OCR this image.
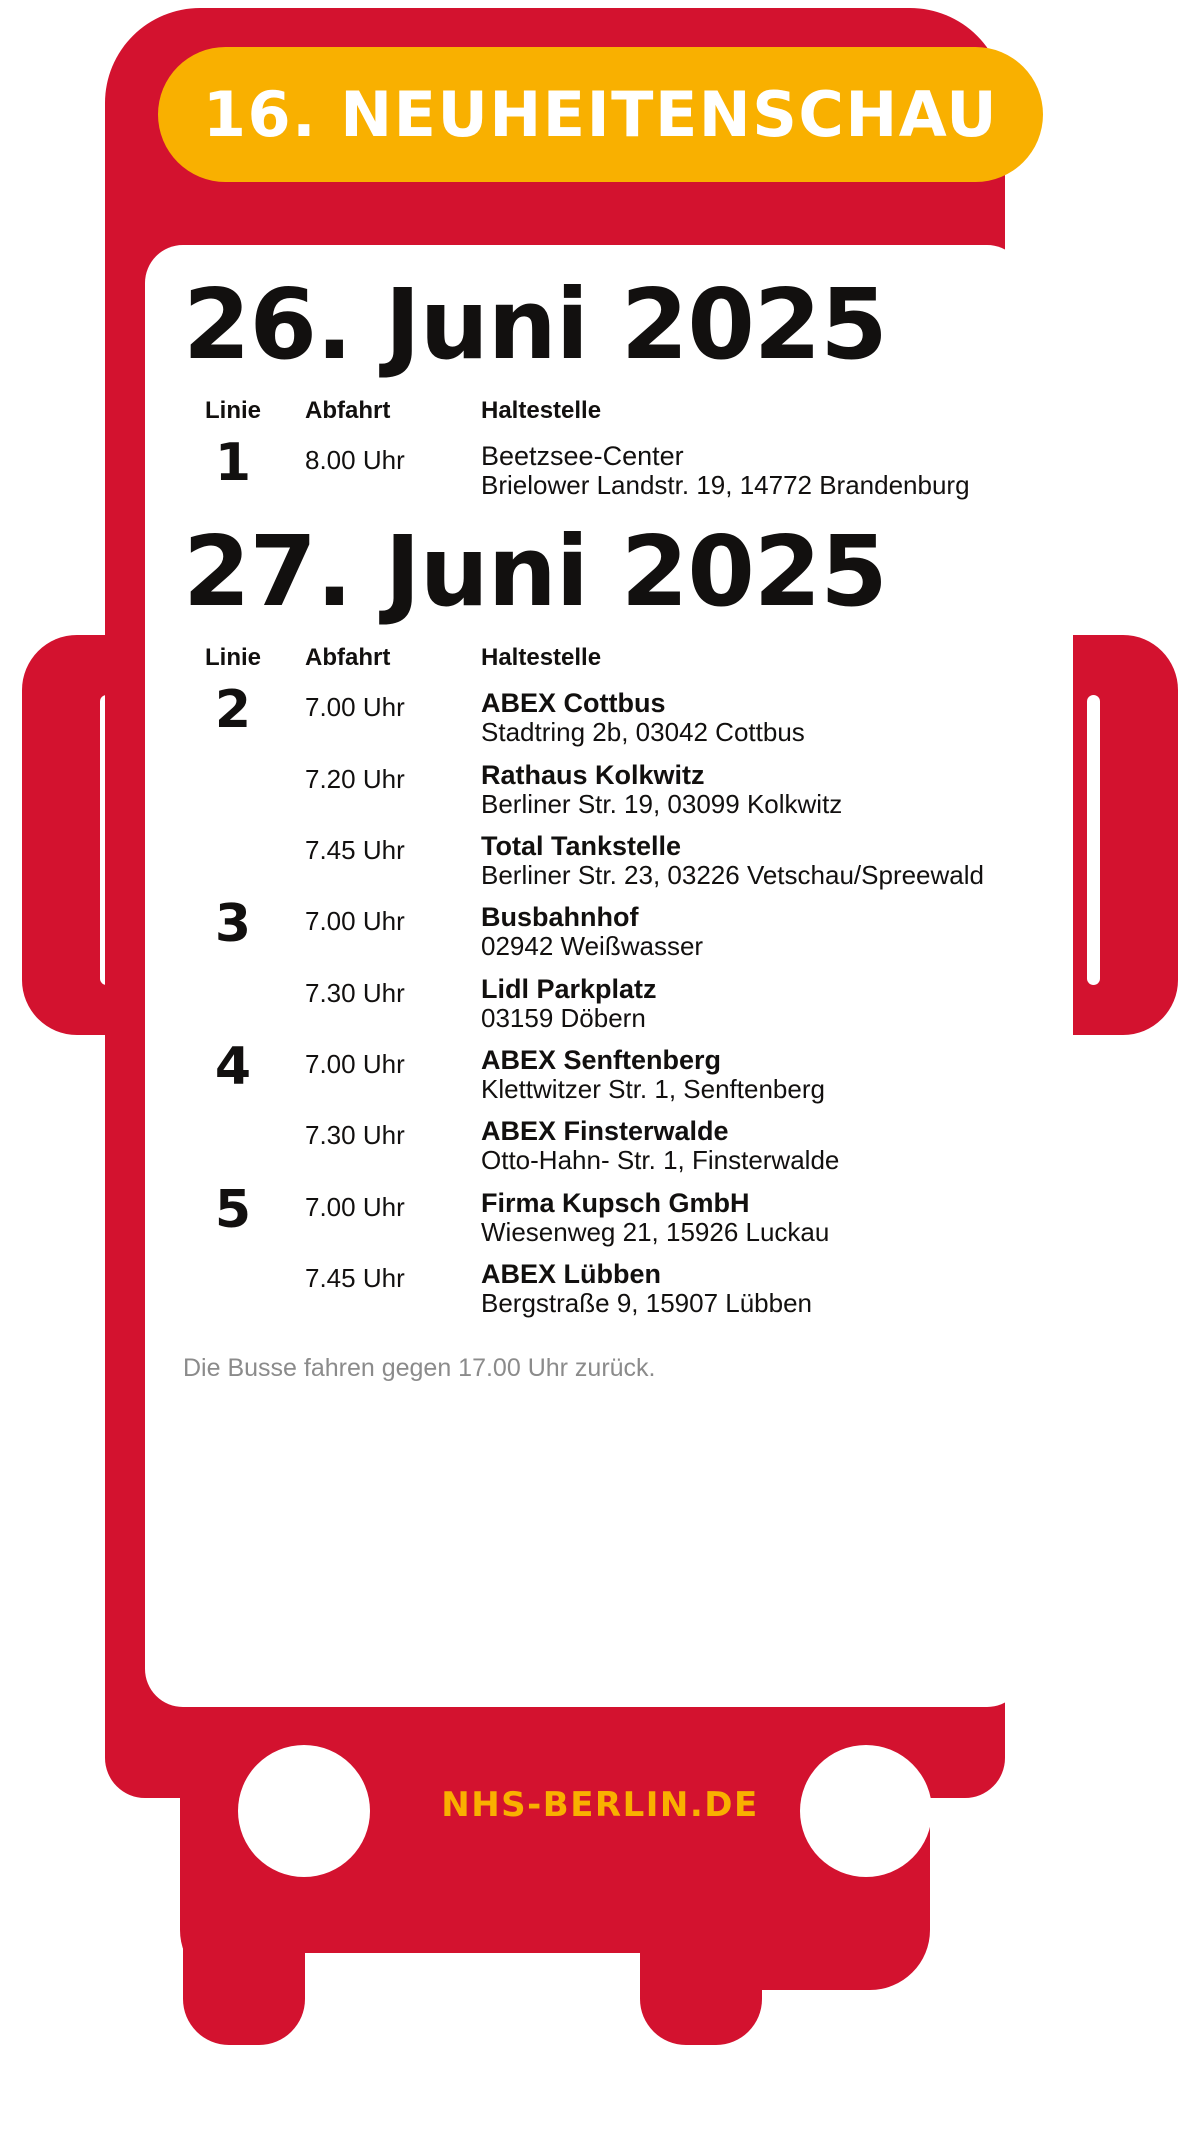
16. NEUHEITENSCHAU
26. Juni 2025
Linie	Abfahrt	Haltestelle
1	8.00 Uhr	Beetzsee-Center
Brielower Landstr. 19, 14772 Brandenburg
27. Juni 2025
Linie	Abfahrt	Haltestelle
2	7.00 Uhr	ABEX Cottbus
Stadtring 2b, 03042 Cottbus
7.20 Uhr	Rathaus Kolkwitz
Berliner Str. 19, 03099 Kolkwitz
7.45 Uhr	Total Tankstelle
Berliner Str. 23, 03226 Vetschau/Spreewald
3	7.00 Uhr	Busbahnhof
02942 Weißwasser
7.30 Uhr	Lidl Parkplatz
03159 Döbern
4	7.00 Uhr	ABEX Senftenberg
Klettwitzer Str. 1, Senftenberg
7.30 Uhr	ABEX Finsterwalde
Otto-Hahn- Str. 1, Finsterwalde
5	7.00 Uhr	Firma Kupsch GmbH
Wiesenweg 21, 15926 Luckau
7.45 Uhr	ABEX Lübben
Bergstraße 9, 15907 Lübben
Die Busse fahren gegen 17.00 Uhr zurück.
NHS-BERLIN.DE
